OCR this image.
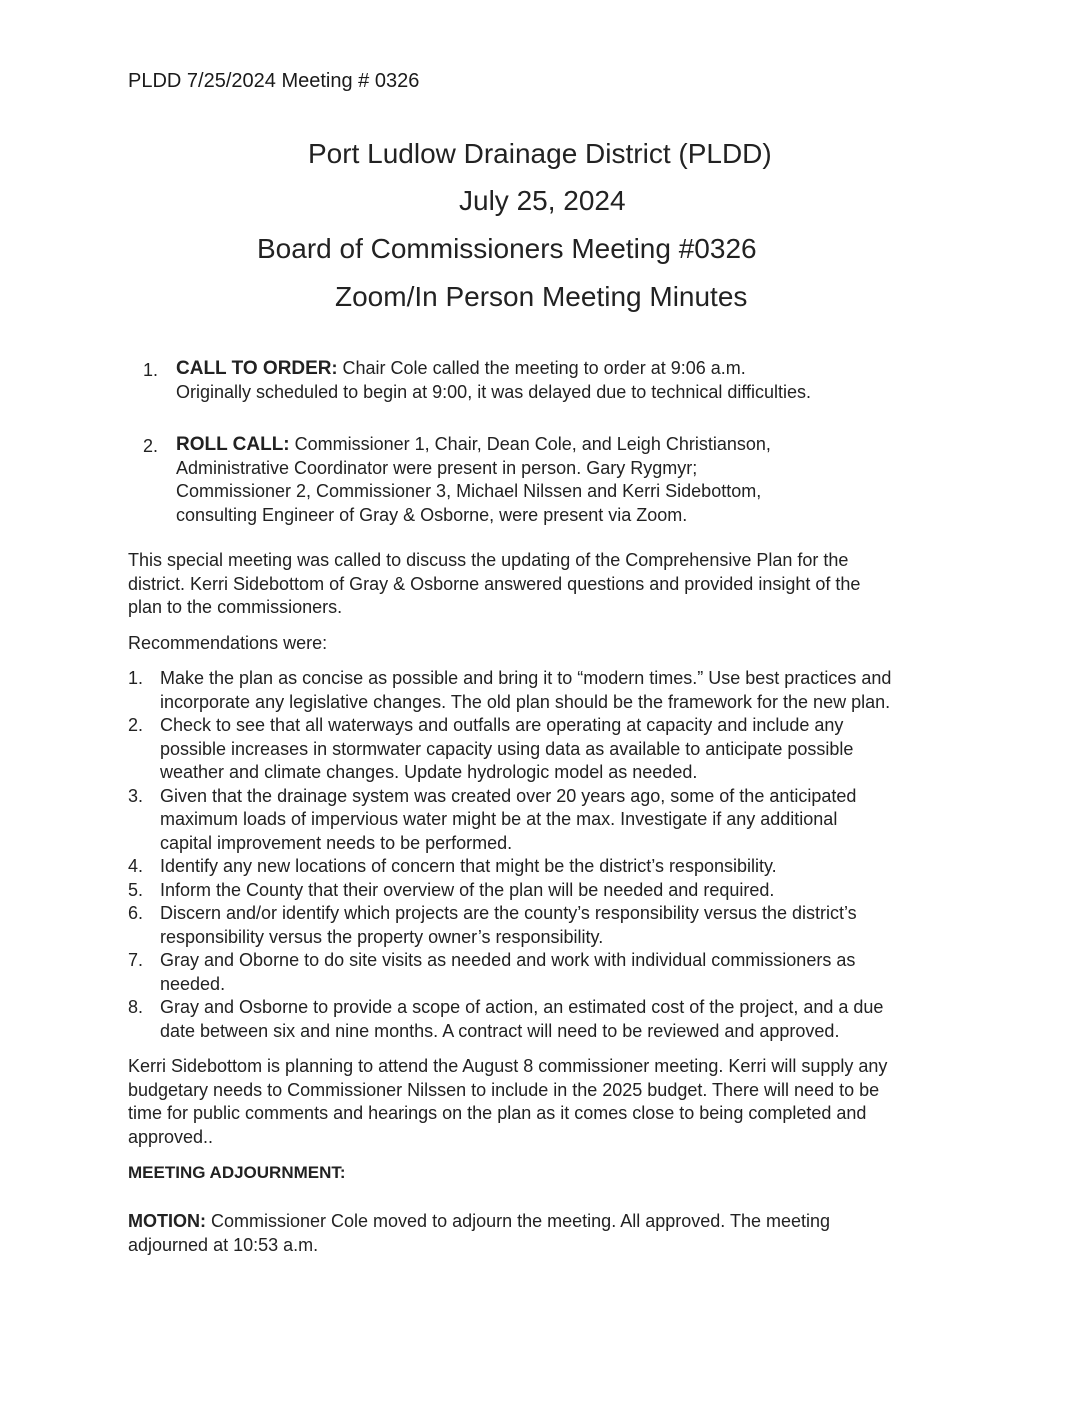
PLDD 7/25/2024 Meeting # 0326
Port Ludlow Drainage District (PLDD)
July 25, 2024
Board of Commissioners Meeting #0326
Zoom/In Person Meeting Minutes
1. CALL TO ORDER: Chair Cole called the meeting to order at 9:06 a.m.
Originally scheduled to begin at 9:00, it was delayed due to technical difficulties.
2. ROLL CALL: Commissioner 1, Chair, Dean Cole, and Leigh Christianson,
Administrative Coordinator were present in person. Gary Rygmyr;
Commissioner 2, Commissioner 3, Michael Nilssen and Kerri Sidebottom,
consulting Engineer of Gray & Osborne, were present via Zoom.
This special meeting was called to discuss the updating of the Comprehensive Plan for the
district. Kerri Sidebottom of Gray & Osborne answered questions and provided insight of the
plan to the commissioners.
Recommendations were:
1. Make the plan as concise as possible and bring it to “modern times.” Use best practices and
incorporate any legislative changes. The old plan should be the framework for the new plan.
2. Check to see that all waterways and outfalls are operating at capacity and include any
possible increases in stormwater capacity using data as available to anticipate possible
weather and climate changes. Update hydrologic model as needed.
3. Given that the drainage system was created over 20 years ago, some of the anticipated
maximum loads of impervious water might be at the max. Investigate if any additional
capital improvement needs to be performed.
4. Identify any new locations of concern that might be the district’s responsibility.
5. Inform the County that their overview of the plan will be needed and required.
6. Discern and/or identify which projects are the county’s responsibility versus the district’s
responsibility versus the property owner’s responsibility.
7. Gray and Oborne to do site visits as needed and work with individual commissioners as
needed.
8. Gray and Osborne to provide a scope of action, an estimated cost of the project, and a due
date between six and nine months. A contract will need to be reviewed and approved.
Kerri Sidebottom is planning to attend the August 8 commissioner meeting. Kerri will supply any
budgetary needs to Commissioner Nilssen to include in the 2025 budget. There will need to be
time for public comments and hearings on the plan as it comes close to being completed and
approved..
MEETING ADJOURNMENT:
MOTION: Commissioner Cole moved to adjourn the meeting. All approved. The meeting
adjourned at 10:53 a.m.
